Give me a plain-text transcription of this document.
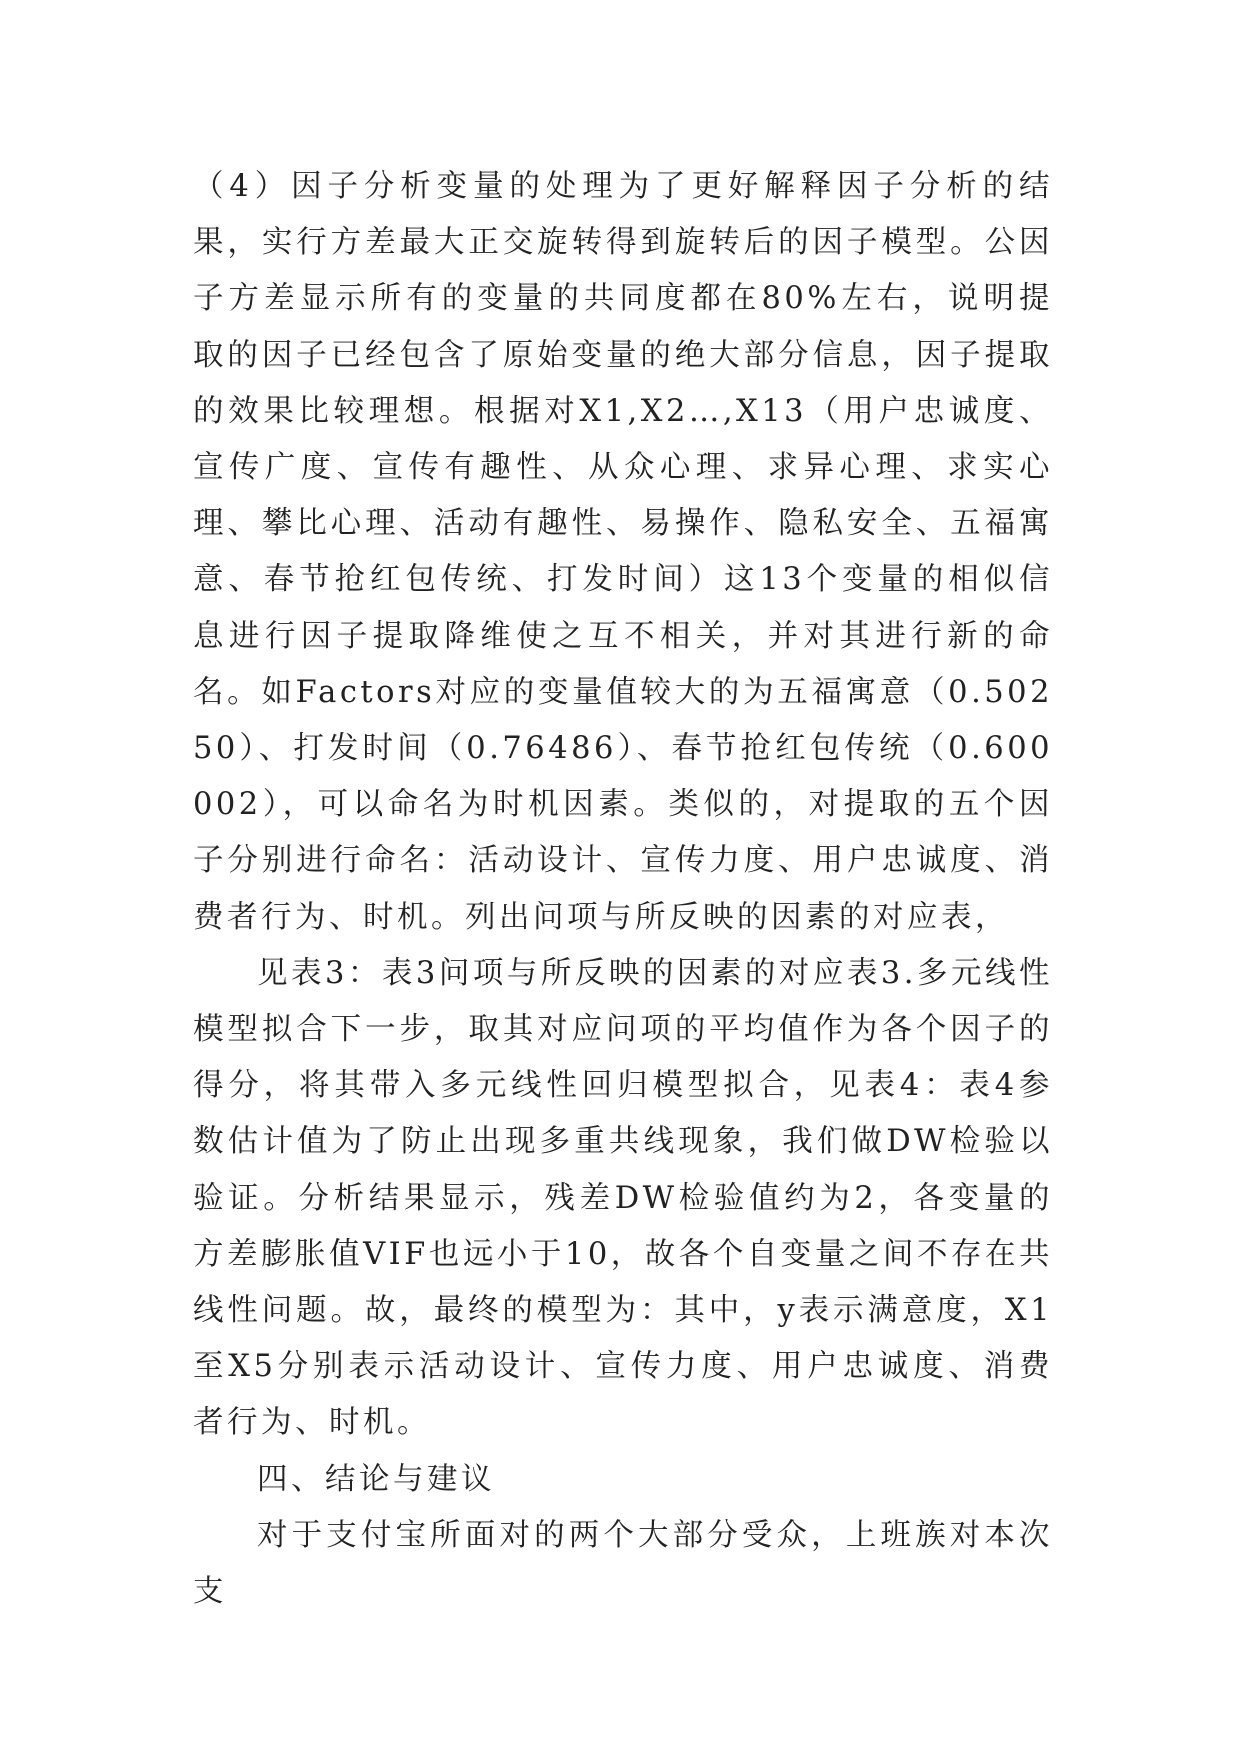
（4）因子分析变量的处理为了更好解释因子分析的结果，实行方差最大正交旋转得到旋转后的因子模型。公因子方差显示所有的变量的共同度都在80%左右，说明提取的因子已经包含了原始变量的绝大部分信息，因子提取的效果比较理想。根据对X1,X2…,X13（用户忠诚度、宣传广度、宣传有趣性、从众心理、求异心理、求实心理、攀比心理、活动有趣性、易操作、隐私安全、五福寓意、春节抢红包传统、打发时间）这13个变量的相似信息进行因子提取降维使之互不相关，并对其进行新的命名。如Factors对应的变量值较大的为五福寓意（0.50250）、打发时间（0.76486）、春节抢红包传统（0.600002），可以命名为时机因素。类似的，对提取的五个因子分别进行命名：活动设计、宣传力度、用户忠诚度、消费者行为、时机。列出问项与所反映的因素的对应表，

见表3：表3问项与所反映的因素的对应表3.多元线性模型拟合下一步，取其对应问项的平均值作为各个因子的得分，将其带入多元线性回归模型拟合，见表4：表4参数估计值为了防止出现多重共线现象，我们做DW检验以验证。分析结果显示，残差DW检验值约为2，各变量的方差膨胀值VIF也远小于10，故各个自变量之间不存在共线性问题。故，最终的模型为：其中，y表示满意度，X1至X5分别表示活动设计、宣传力度、用户忠诚度、消费者行为、时机。

四、结论与建议

对于支付宝所面对的两个大部分受众，上班族对本次支
